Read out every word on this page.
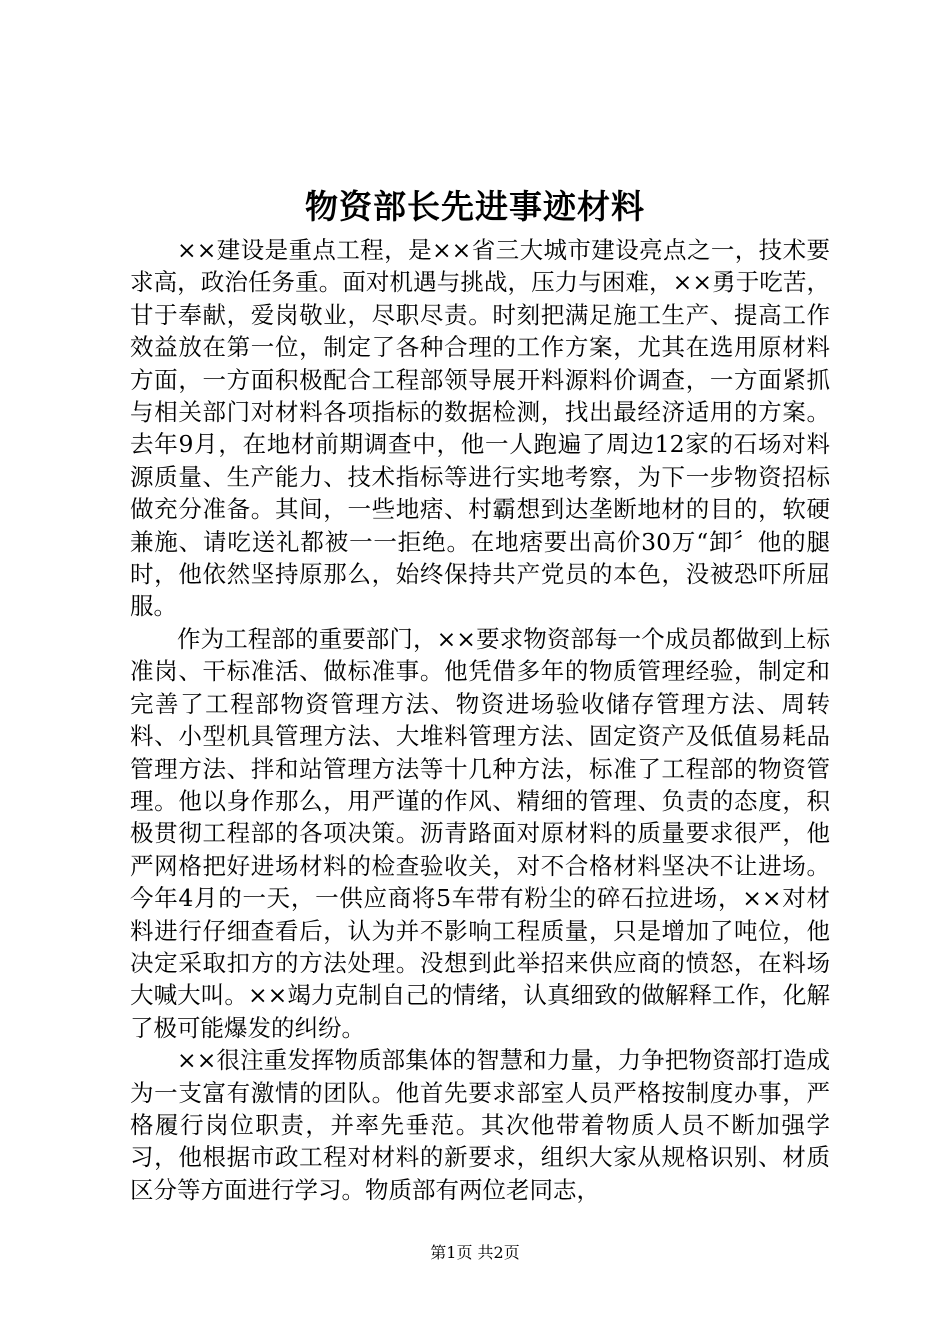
物资部长先进事迹材料

××建设是重点工程，是××省三大城市建设亮点之一，技术要求高，政治任务重。面对机遇与挑战，压力与困难，××勇于吃苦，甘于奉献，爱岗敬业，尽职尽责。时刻把满足施工生产、提高工作效益放在第一位，制定了各种合理的工作方案，尤其在选用原材料方面，一方面积极配合工程部领导展开料源料价调查，一方面紧抓与相关部门对材料各项指标的数据检测，找出最经济适用的方案。去年9月，在地材前期调查中，他一人跑遍了周边12家的石场对料源质量、生产能力、技术指标等进行实地考察，为下一步物资招标做充分准备。其间，一些地痞、村霸想到达垄断地材的目的，软硬兼施、请吃送礼都被一一拒绝。在地痞要出高价30万“卸〞他的腿时，他依然坚持原那么，始终保持共产党员的本色，没被恐吓所屈服。

作为工程部的重要部门，××要求物资部每一个成员都做到上标准岗、干标准活、做标准事。他凭借多年的物质管理经验，制定和完善了工程部物资管理方法、物资进场验收储存管理方法、周转料、小型机具管理方法、大堆料管理方法、固定资产及低值易耗品管理方法、拌和站管理方法等十几种方法，标准了工程部的物资管理。他以身作那么，用严谨的作风、精细的管理、负责的态度，积极贯彻工程部的各项决策。沥青路面对原材料的质量要求很严，他严网格把好进场材料的检查验收关，对不合格材料坚决不让进场。今年4月的一天，一供应商将5车带有粉尘的碎石拉进场，××对材料进行仔细查看后，认为并不影响工程质量，只是增加了吨位，他决定采取扣方的方法处理。没想到此举招来供应商的愤怒，在料场大喊大叫。××竭力克制自己的情绪，认真细致的做解释工作，化解了极可能爆发的纠纷。

××很注重发挥物质部集体的智慧和力量，力争把物资部打造成为一支富有激情的团队。他首先要求部室人员严格按制度办事，严格履行岗位职责，并率先垂范。其次他带着物质人员不断加强学习，他根据市政工程对材料的新要求，组织大家从规格识别、材质区分等方面进行学习。物质部有两位老同志，

第1页 共2页
